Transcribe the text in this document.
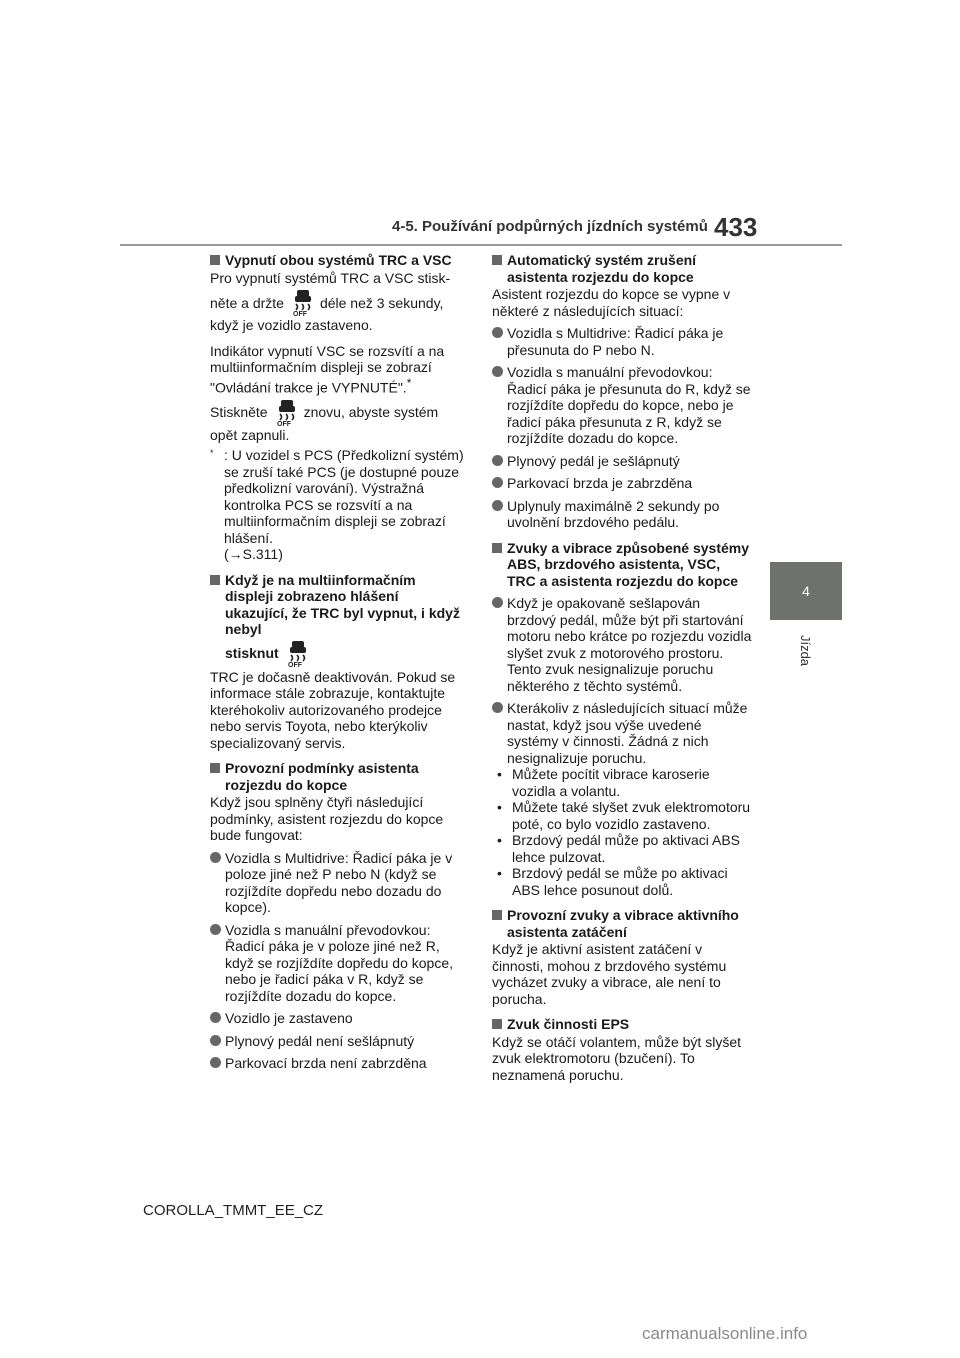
4-5. Používání podpůrných jízdních systémů 433
4
Jízda
Vypnutí obou systémů TRC a VSC

Pro vypnutí systémů TRC a VSC stisk-

něte a držte
OFF
déle než 3 sekundy,

když je vozidlo zastaveno.

Indikátor vypnutí VSC se rozsvítí a na multiinformačním displeji se zobrazí

"Ovládání trakce je VYPNUTÉ".*

Stiskněte
OFF
znovu, abyste systém

opět zapnuli.

* : U vozidel s PCS (Předkolizní systém) se zruší také PCS (je dostupné pouze předkolizní varování). Výstražná kontrolka PCS se rozsvítí a na multiinformačním displeji se zobrazí hlášení.
(→S.311)
Když je na multiinformačním displeji zobrazeno hlášení ukazující, že TRC byl vypnut, i když nebyl
stisknut
OFF

TRC je dočasně deaktivován. Pokud se informace stále zobrazuje, kontaktujte kteréhokoliv autorizovaného prodejce nebo servis Toyota, nebo kterýkoliv specializovaný servis.

Provozní podmínky asistenta rozjezdu do kopce

Když jsou splněny čtyři následující podmínky, asistent rozjezdu do kopce bude fungovat:

Vozidla s Multidrive: Řadicí páka je v poloze jiné než P nebo N (když se rozjíždíte dopředu nebo dozadu do kopce).
Vozidla s manuální převodovkou: Řadicí páka je v poloze jiné než R, když se rozjíždíte dopředu do kopce, nebo je řadicí páka v R, když se rozjíždíte dozadu do kopce.
Vozidlo je zastaveno
Plynový pedál není sešlápnutý
Parkovací brzda není zabrzděna
Automatický systém zrušení asistenta rozjezdu do kopce

Asistent rozjezdu do kopce se vypne v některé z následujících situací:

Vozidla s Multidrive: Řadicí páka je přesunuta do P nebo N.
Vozidla s manuální převodovkou: Řadicí páka je přesunuta do R, když se rozjíždíte dopředu do kopce, nebo je řadicí páka přesunuta z R, když se rozjíždíte dozadu do kopce.
Plynový pedál je sešlápnutý
Parkovací brzda je zabrzděna
Uplynuly maximálně 2 sekundy po uvolnění brzdového pedálu.
Zvuky a vibrace způsobené systémy ABS, brzdového asistenta, VSC, TRC a asistenta rozjezdu do kopce
Když je opakovaně sešlapován brzdový pedál, může být při startování motoru nebo krátce po rozjezdu vozidla slyšet zvuk z motorového prostoru. Tento zvuk nesignalizuje poruchu některého z těchto systémů.
Kterákoliv z následujících situací může nastat, když jsou výše uvedené systémy v činnosti. Žádná z nich nesignalizuje poruchu.
• Můžete pocítit vibrace karoserie vozidla a volantu.
• Můžete také slyšet zvuk elektromotoru poté, co bylo vozidlo zastaveno.
• Brzdový pedál může po aktivaci ABS lehce pulzovat.
• Brzdový pedál se může po aktivaci ABS lehce posunout dolů.
Provozní zvuky a vibrace aktivního asistenta zatáčení

Když je aktivní asistent zatáčení v činnosti, mohou z brzdového systému vycházet zvuky a vibrace, ale není to porucha.

Zvuk činnosti EPS

Když se otáčí volantem, může být slyšet zvuk elektromotoru (bzučení). To neznamená poruchu.

COROLLA_TMMT_EE_CZ
carmanualsonline.info
